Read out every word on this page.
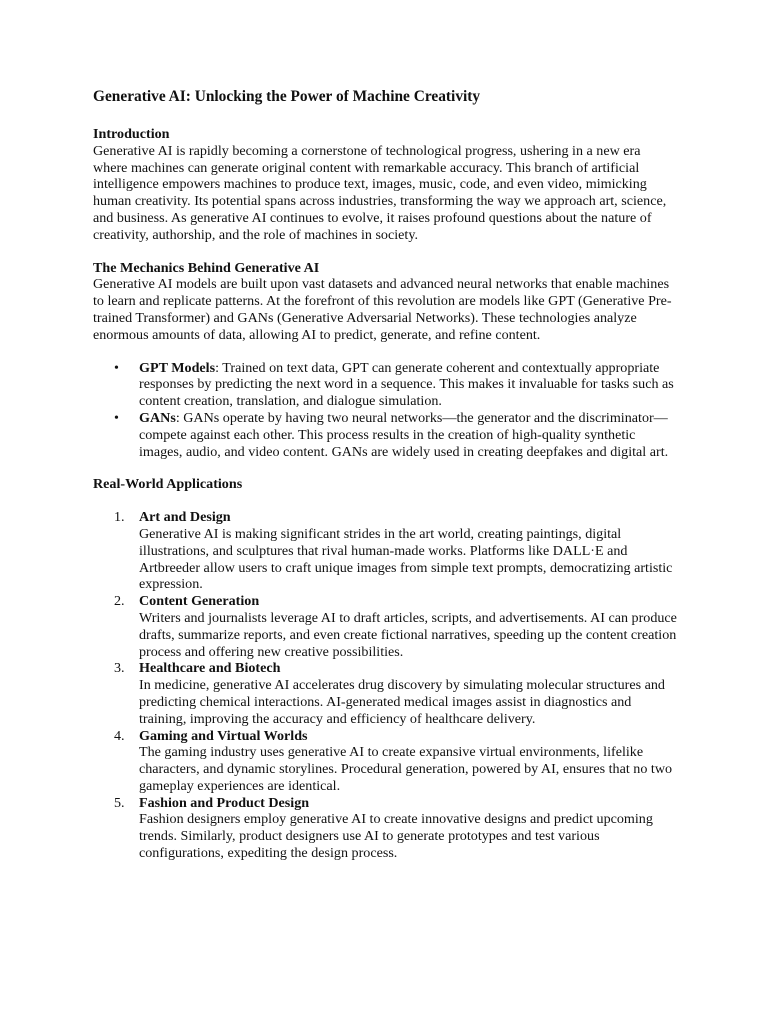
Generative AI: Unlocking the Power of Machine Creativity

Introduction

Generative AI is rapidly becoming a cornerstone of technological progress, ushering in a new era where machines can generate original content with remarkable accuracy. This branch of artificial intelligence empowers machines to produce text, images, music, code, and even video, mimicking human creativity. Its potential spans across industries, transforming the way we approach art, science, and business. As generative AI continues to evolve, it raises profound questions about the nature of creativity, authorship, and the role of machines in society.

The Mechanics Behind Generative AI

Generative AI models are built upon vast datasets and advanced neural networks that enable machines to learn and replicate patterns. At the forefront of this revolution are models like GPT (Generative Pre-trained Transformer) and GANs (Generative Adversarial Networks). These technologies analyze enormous amounts of data, allowing AI to predict, generate, and refine content.

• GPT Models: Trained on text data, GPT can generate coherent and contextually appropriate responses by predicting the next word in a sequence. This makes it invaluable for tasks such as content creation, translation, and dialogue simulation.
• GANs: GANs operate by having two neural networks—the generator and the discriminator—compete against each other. This process results in the creation of high-quality synthetic images, audio, and video content. GANs are widely used in creating deepfakes and digital art.

Real-World Applications

1. Art and Design
Generative AI is making significant strides in the art world, creating paintings, digital illustrations, and sculptures that rival human-made works. Platforms like DALL·E and Artbreeder allow users to craft unique images from simple text prompts, democratizing artistic expression.
2. Content Generation
Writers and journalists leverage AI to draft articles, scripts, and advertisements. AI can produce drafts, summarize reports, and even create fictional narratives, speeding up the content creation process and offering new creative possibilities.
3. Healthcare and Biotech
In medicine, generative AI accelerates drug discovery by simulating molecular structures and predicting chemical interactions. AI-generated medical images assist in diagnostics and training, improving the accuracy and efficiency of healthcare delivery.
4. Gaming and Virtual Worlds
The gaming industry uses generative AI to create expansive virtual environments, lifelike characters, and dynamic storylines. Procedural generation, powered by AI, ensures that no two gameplay experiences are identical.
5. Fashion and Product Design
Fashion designers employ generative AI to create innovative designs and predict upcoming trends. Similarly, product designers use AI to generate prototypes and test various configurations, expediting the design process.
